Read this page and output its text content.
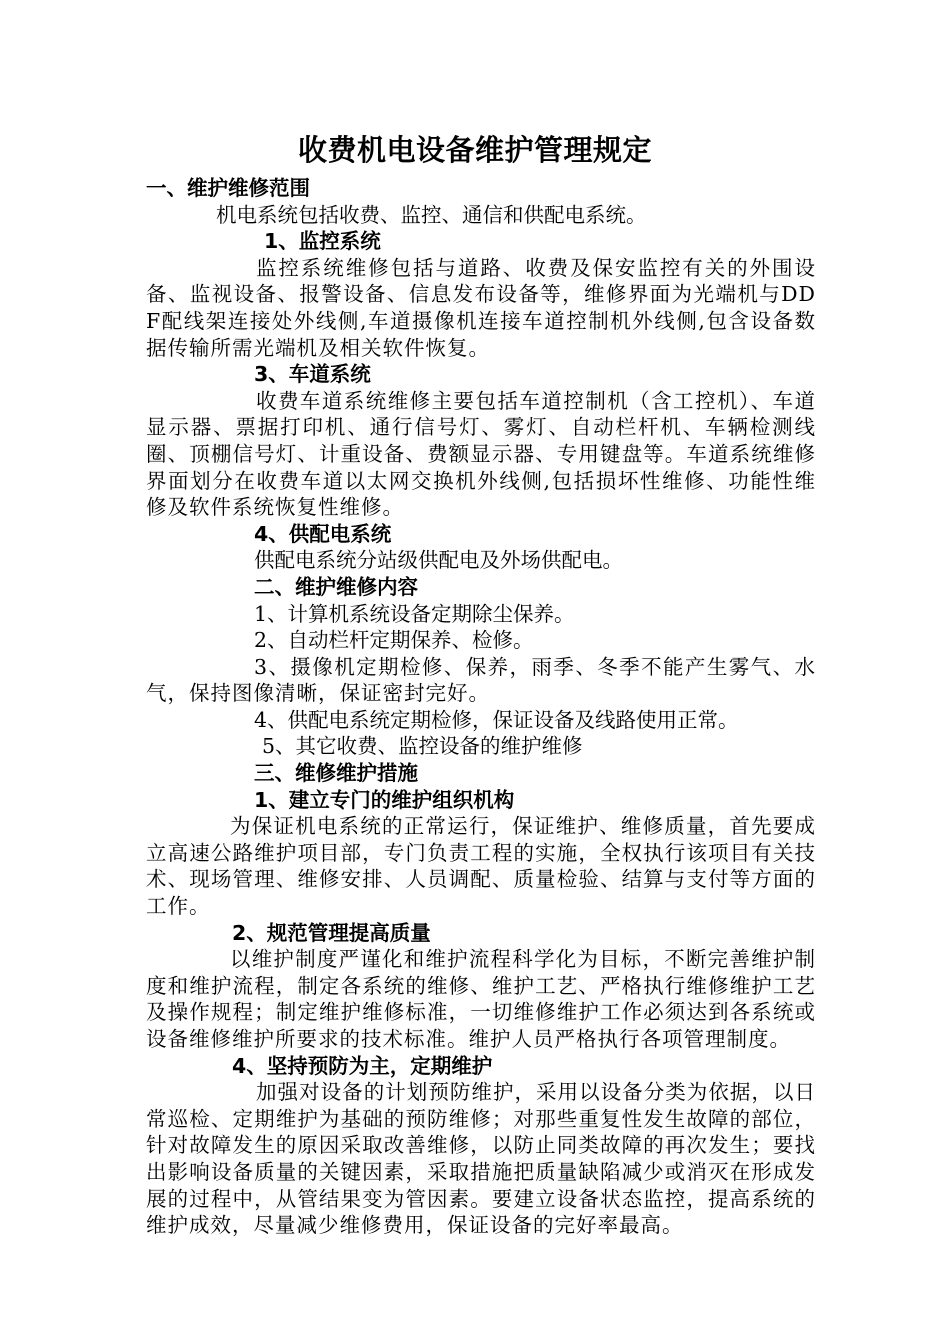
收费机电设备维护管理规定
一、维护维修范围
机电系统包括收费、监控、通信和供配电系统。
1、监控系统
监控系统维修包括与道路、收费及保安监控有关的外围设备、监视设备、报警设备、信息发布设备等，维修界面为光端机与DDF配线架连接处外线侧,车道摄像机连接车道控制机外线侧,包含设备数据传输所需光端机及相关软件恢复。
3、车道系统
收费车道系统维修主要包括车道控制机（含工控机）、车道显示器、票据打印机、通行信号灯、雾灯、自动栏杆机、车辆检测线圈、顶棚信号灯、计重设备、费额显示器、专用键盘等。车道系统维修界面划分在收费车道以太网交换机外线侧,包括损坏性维修、功能性维修及软件系统恢复性维修。
4、供配电系统
供配电系统分站级供配电及外场供配电。
二、维护维修内容
1、计算机系统设备定期除尘保养。
2、自动栏杆定期保养、检修。
3、摄像机定期检修、保养，雨季、冬季不能产生雾气、水气，保持图像清晰，保证密封完好。
4、供配电系统定期检修，保证设备及线路使用正常。
5、其它收费、监控设备的维护维修
三、维修维护措施
1、建立专门的维护组织机构
为保证机电系统的正常运行，保证维护、维修质量，首先要成立高速公路维护项目部，专门负责工程的实施，全权执行该项目有关技术、现场管理、维修安排、人员调配、质量检验、结算与支付等方面的工作。
2、规范管理提高质量
以维护制度严谨化和维护流程科学化为目标，不断完善维护制度和维护流程，制定各系统的维修、维护工艺、严格执行维修维护工艺及操作规程；制定维护维修标准，一切维修维护工作必须达到各系统或设备维修维护所要求的技术标准。维护人员严格执行各项管理制度。
4、坚持预防为主，定期维护
加强对设备的计划预防维护，采用以设备分类为依据，以日常巡检、定期维护为基础的预防维修；对那些重复性发生故障的部位，针对故障发生的原因采取改善维修，以防止同类故障的再次发生；要找出影响设备质量的关键因素，采取措施把质量缺陷减少或消灭在形成发展的过程中，从管结果变为管因素。要建立设备状态监控，提高系统的维护成效，尽量减少维修费用，保证设备的完好率最高。
